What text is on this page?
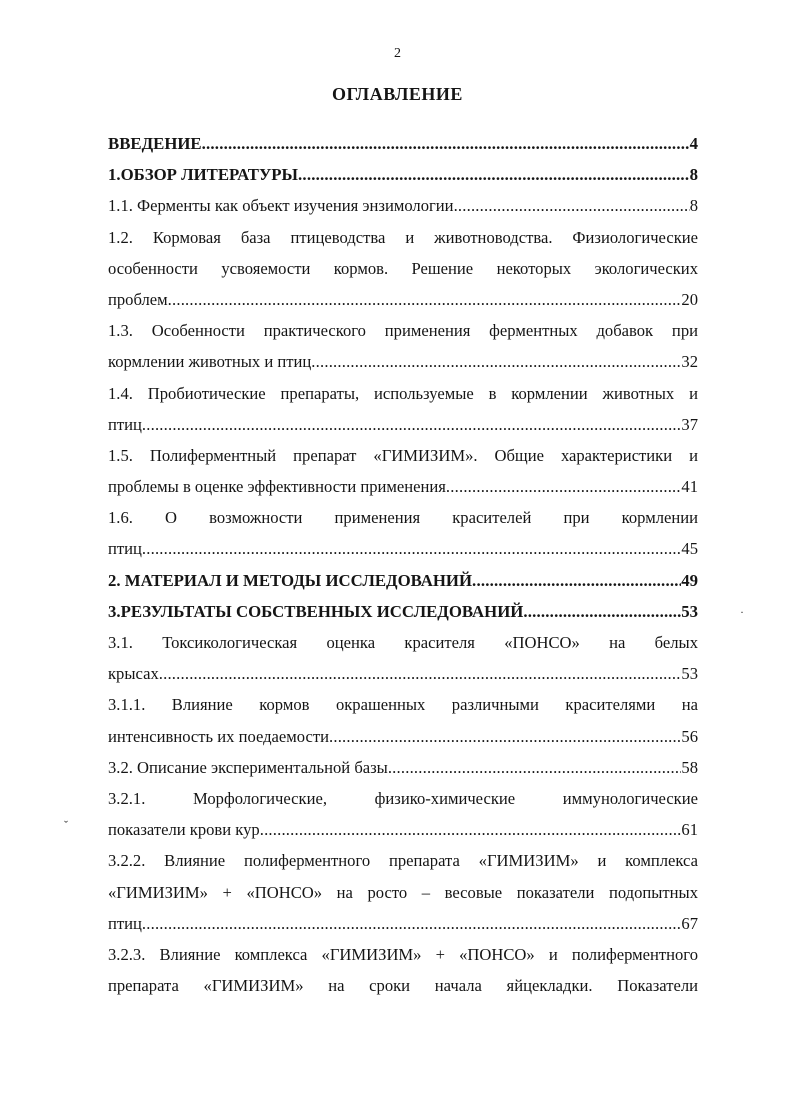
2
ОГЛАВЛЕНИЕ
ВВЕДЕНИЕ .....	4
1.ОБЗОР ЛИТЕРАТУРЫ .....	8
1.1. Ферменты как объект изучения энзимологии .....	8
1.2. Кормовая база птицеводства и животноводства. Физиологические
особенности усвояемости кормов. Решение некоторых экологических
проблем .....	20
1.3. Особенности практического применения ферментных добавок при
кормлении животных и птиц .....	32
1.4. Пробиотические препараты, используемые в кормлении животных и
птиц .....	37
1.5. Полиферментный препарат «ГИМИЗИМ». Общие характеристики и
проблемы в оценке эффективности применения .....	41
1.6. О возможности применения красителей при кормлении
птиц .....	45
2. МАТЕРИАЛ И МЕТОДЫ ИССЛЕДОВАНИЙ .....	49
3.РЕЗУЛЬТАТЫ СОБСТВЕННЫХ ИССЛЕДОВАНИЙ .....	53
3.1. Токсикологическая оценка красителя «ПОНСО» на белых
крысах .....	53
3.1.1. Влияние кормов окрашенных различными красителями на
интенсивность их поедаемости .....	56
3.2. Описание экспериментальной базы .....	58
3.2.1. Морфологические, физико-химические иммунологические
показатели крови кур .....	61
3.2.2. Влияние полиферментного препарата «ГИМИЗИМ» и комплекса
«ГИМИЗИМ» + «ПОНСО» на росто – весовые показатели подопытных
птиц .....	67
3.2.3. Влияние комплекса «ГИМИЗИМ» + «ПОНСО» и полиферментного
препарата «ГИМИЗИМ» на сроки начала яйцекладки. Показатели
ˇ
·
